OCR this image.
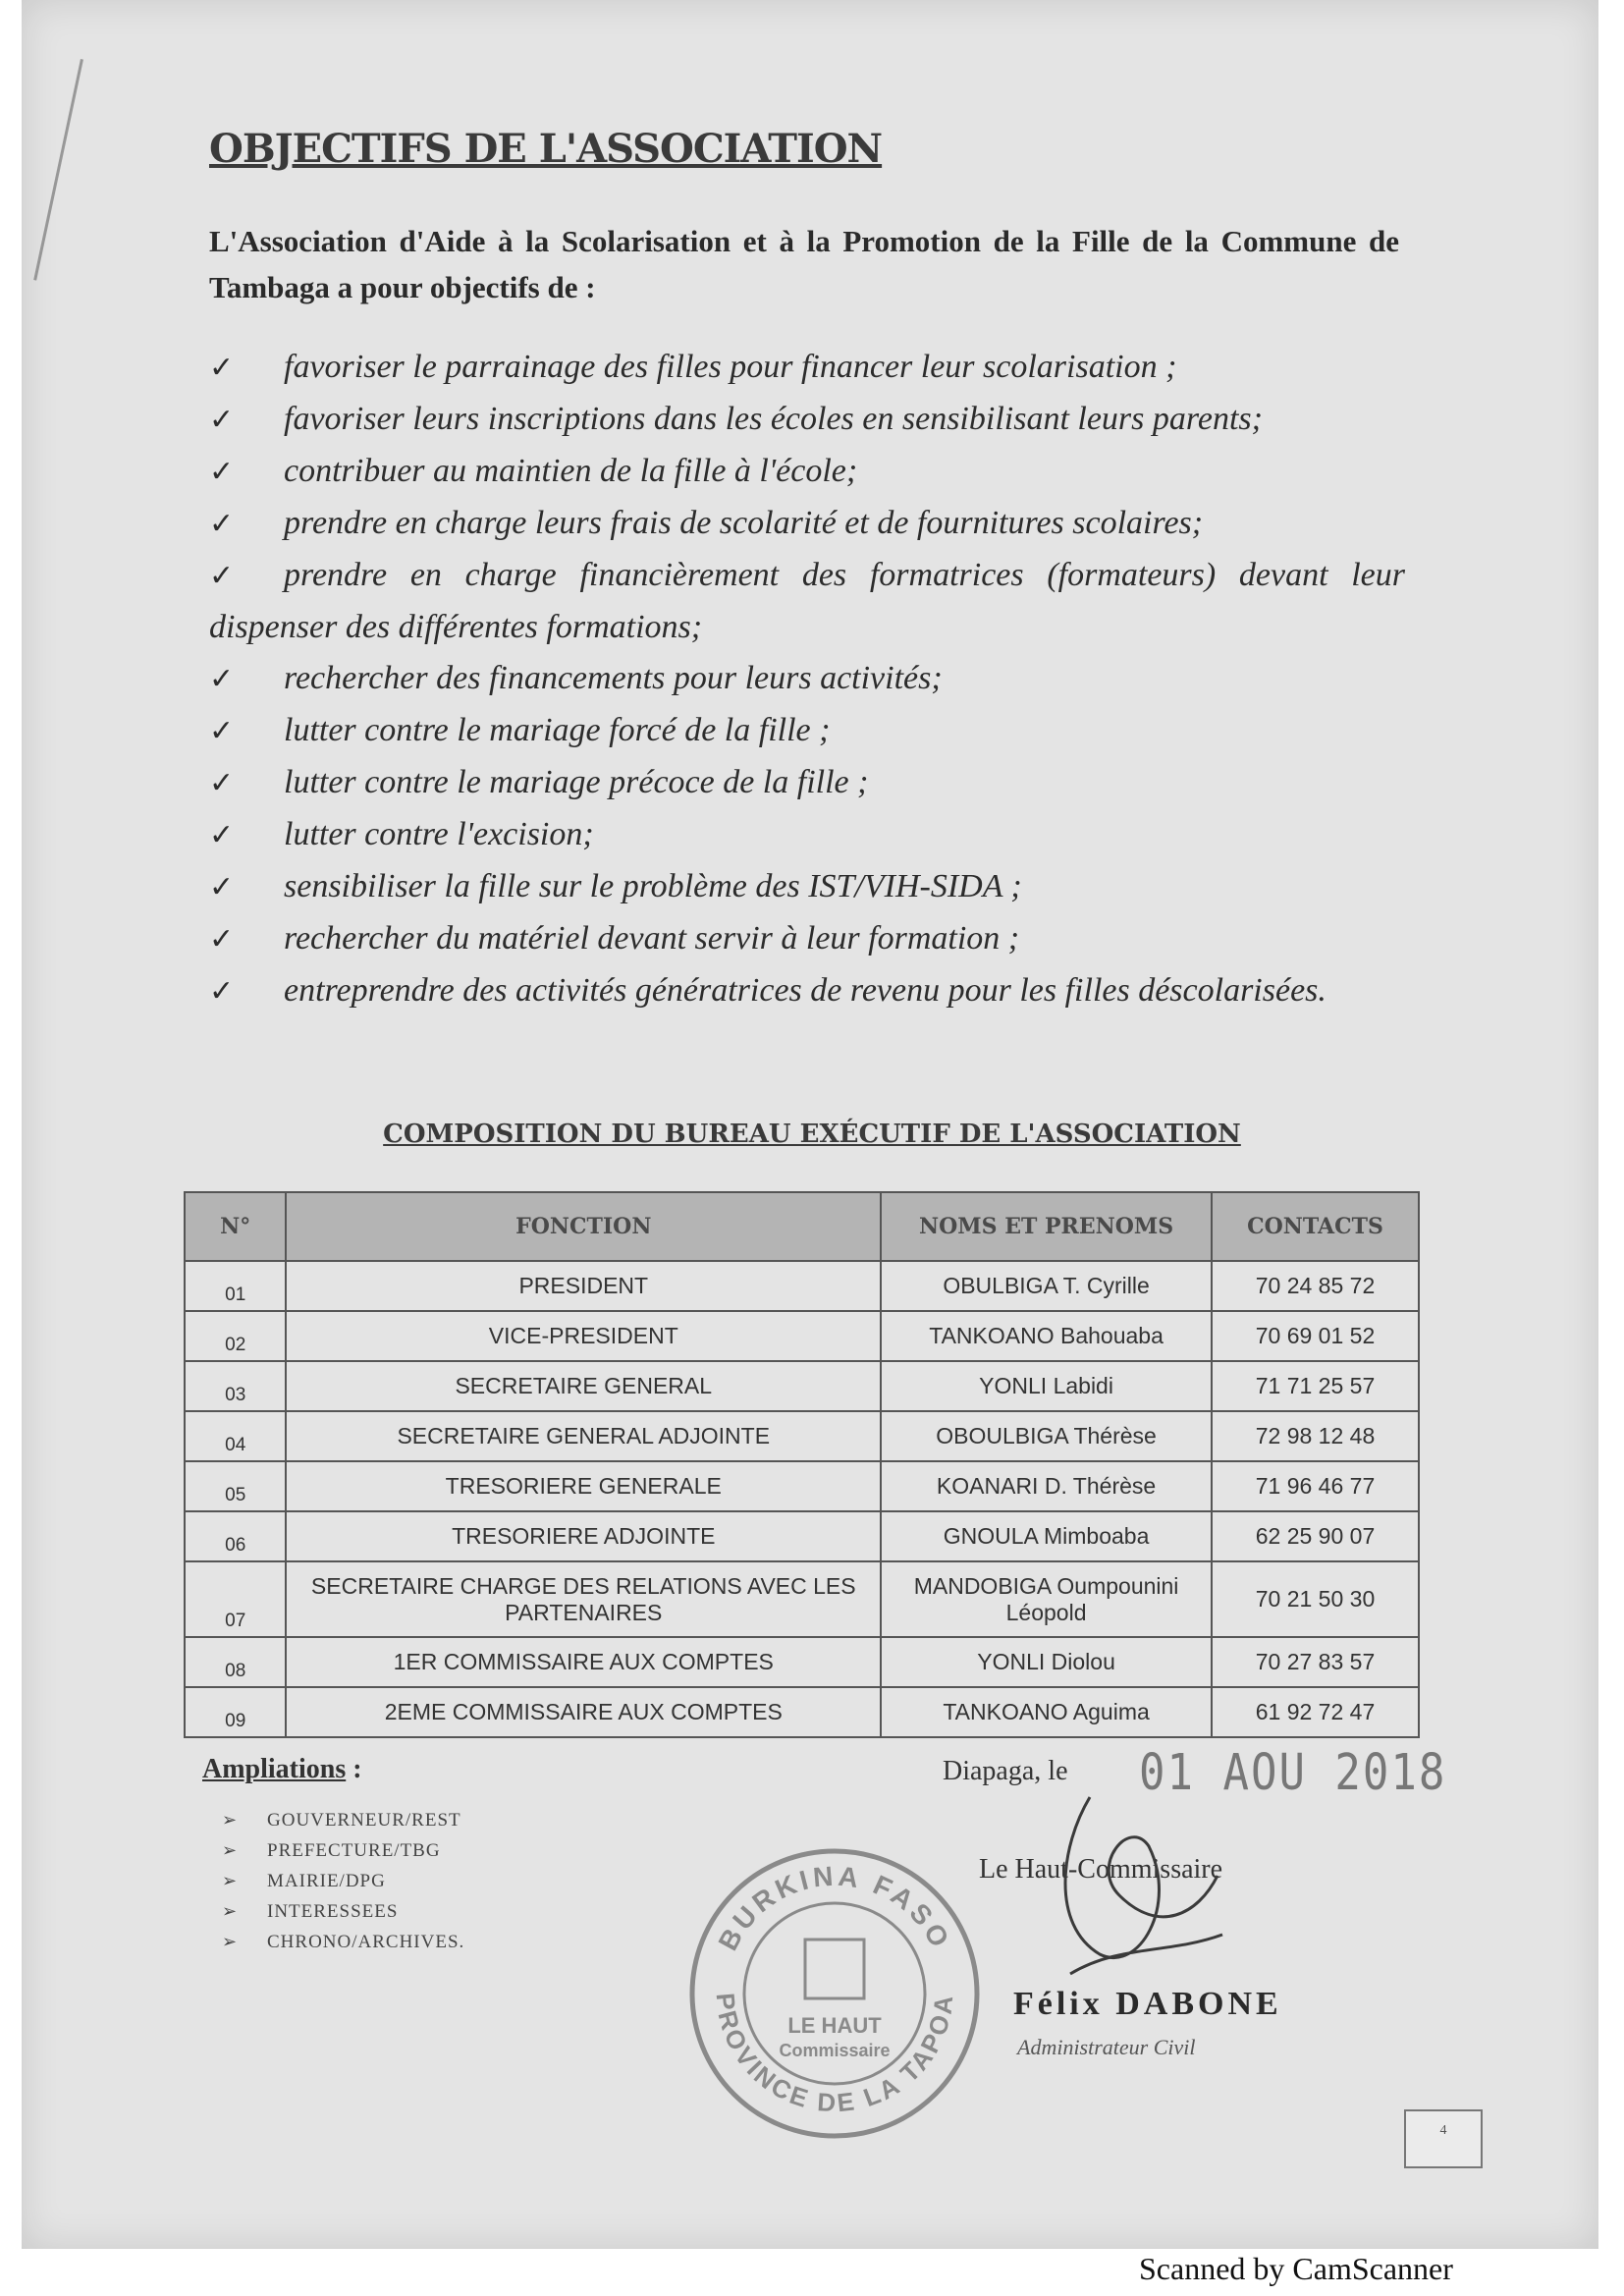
OBJECTIFS DE L'ASSOCIATION

L'Association d'Aide à la Scolarisation et à la Promotion de la Fille de la Commune de Tambaga a pour objectifs de :

✓ favoriser le parrainage des filles pour financer leur scolarisation ;
✓ favoriser leurs inscriptions dans les écoles en sensibilisant leurs parents;
✓ contribuer au maintien de la fille à l'école;
✓ prendre en charge leurs frais de scolarité et de fournitures scolaires;
✓ prendre en charge financièrement des formatrices (formateurs) devant leur dispenser des différentes formations;
✓ rechercher des financements pour leurs activités;
✓ lutter contre le mariage forcé de la fille ;
✓ lutter contre le mariage précoce de la fille ;
✓ lutter contre l'excision;
✓ sensibiliser la fille sur le problème des IST/VIH-SIDA ;
✓ rechercher du matériel devant servir à leur formation ;
✓ entreprendre des activités génératrices de revenu pour les filles déscolarisées.
COMPOSITION DU BUREAU EXÉCUTIF DE L'ASSOCIATION
N°	FONCTION	NOMS ET PRENOMS	CONTACTS
01	PRESIDENT	OBULBIGA T. Cyrille	70 24 85 72
02	VICE-PRESIDENT	TANKOANO Bahouaba	70 69 01 52
03	SECRETAIRE GENERAL	YONLI Labidi	71 71 25 57
04	SECRETAIRE GENERAL ADJOINTE	OBOULBIGA Thérèse	72 98 12 48
05	TRESORIERE GENERALE	KOANARI D. Thérèse	71 96 46 77
06	TRESORIERE ADJOINTE	GNOULA Mimboaba	62 25 90 07
07	SECRETAIRE CHARGE DES RELATIONS AVEC LES PARTENAIRES	MANDOBIGA Oumpounini Léopold	70 21 50 30
08	1ER COMMISSAIRE AUX COMPTES	YONLI Diolou	70 27 83 57
09	2EME COMMISSAIRE AUX COMPTES	TANKOANO Aguima	61 92 72 47

Ampliations :

➢ GOUVERNEUR/REST
➢ PREFECTURE/TBG
➢ MAIRIE/DPG
➢ INTERESSEES
➢ CHRONO/ARCHIVES.
Diapaga, le 01 AOU 2018
BURKINA FASO
PROVINCE DE LA TAPOA
LE HAUT
Commissaire
Le Haut-Commissaire
Félix DABONE
Administrateur Civil
4
Scanned by CamScanner
